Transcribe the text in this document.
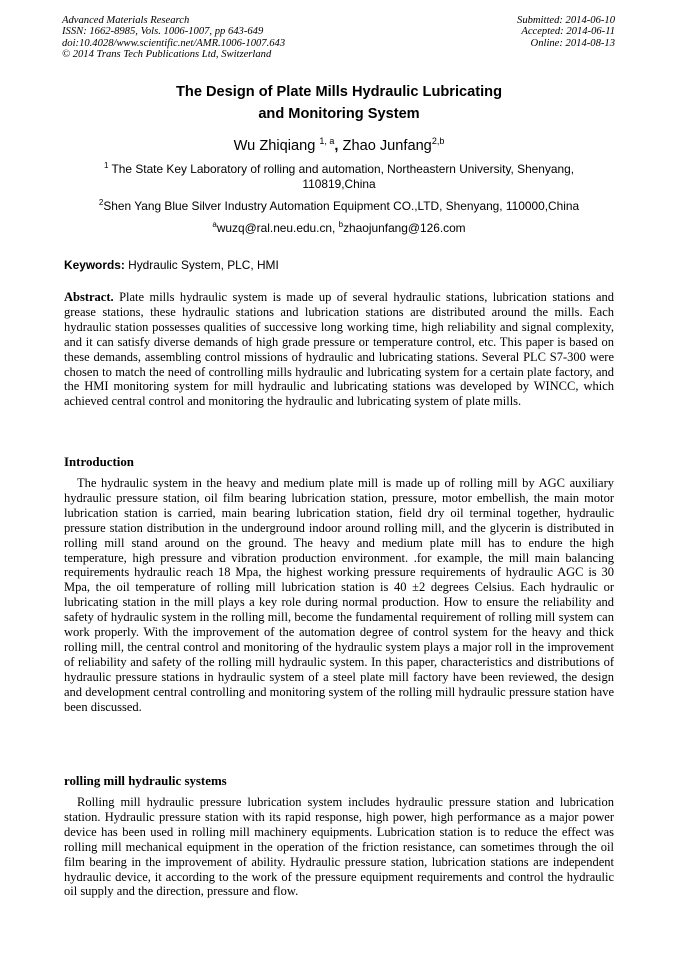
Advanced Materials Research
ISSN: 1662-8985, Vols. 1006-1007, pp 643-649
doi:10.4028/www.scientific.net/AMR.1006-1007.643
© 2014 Trans Tech Publications Ltd, Switzerland
Submitted: 2014-06-10
Accepted: 2014-06-11
Online: 2014-08-13
The Design of Plate Mills Hydraulic Lubricating
and Monitoring System
Wu Zhiqiang $^{1, a}$, Zhao Junfang$^{2,b}$
$^1$ The State Key Laboratory of rolling and automation, Northeastern University, Shenyang, 110819,China
$^2$Shen Yang Blue Silver Industry Automation Equipment CO.,LTD, Shenyang, 110000,China
$^a$wuzq@ral.neu.edu.cn, $^b$zhaojunfang@126.com
Keywords: Hydraulic System, PLC, HMI

Abstract. Plate mills hydraulic system is made up of several hydraulic stations, lubrication stations and grease stations, these hydraulic stations and lubrication stations are distributed around the mills. Each hydraulic station possesses qualities of successive long working time, high reliability and signal complexity, and it can satisfy diverse demands of high grade pressure or temperature control, etc. This paper is based on these demands, assembling control missions of hydraulic and lubricating stations. Several PLC S7-300 were chosen to match the need of controlling mills hydraulic and lubricating system for a certain plate factory, and the HMI monitoring system for mill hydraulic and lubricating stations was developed by WINCC, which achieved central control and monitoring the hydraulic and lubricating system of plate mills.

Introduction

The hydraulic system in the heavy and medium plate mill is made up of rolling mill by AGC auxiliary hydraulic pressure station, oil film bearing lubrication station, pressure, motor embellish, the main motor lubrication station is carried, main bearing lubrication station, field dry oil terminal together, hydraulic pressure station distribution in the underground indoor around rolling mill, and the glycerin is distributed in rolling mill stand around on the ground. The heavy and medium plate mill has to endure the high temperature, high pressure and vibration production environment. .for example, the mill main balancing requirements hydraulic reach 18 Mpa, the highest working pressure requirements of hydraulic AGC is 30 Mpa, the oil temperature of rolling mill lubrication station is 40 ±2 degrees Celsius. Each hydraulic or lubricating station in the mill plays a key role during normal production. How to ensure the reliability and safety of hydraulic system in the rolling mill, become the fundamental requirement of rolling mill system can work properly. With the improvement of the automation degree of control system for the heavy and thick rolling mill, the central control and monitoring of the hydraulic system plays a major roll in the improvement of reliability and safety of the rolling mill hydraulic system. In this paper, characteristics and distributions of hydraulic pressure stations in hydraulic system of a steel plate mill factory have been reviewed, the design and development central controlling and monitoring system of the rolling mill hydraulic pressure station have been discussed.

rolling mill hydraulic systems

Rolling mill hydraulic pressure lubrication system includes hydraulic pressure station and lubrication station. Hydraulic pressure station with its rapid response, high power, high performance as a major power device has been used in rolling mill machinery equipments. Lubrication station is to reduce the effect was rolling mill mechanical equipment in the operation of the friction resistance, can sometimes through the oil film bearing in the improvement of ability. Hydraulic pressure station, lubrication stations are independent hydraulic device, it according to the work of the pressure equipment requirements and control the hydraulic oil supply and the direction, pressure and flow.
